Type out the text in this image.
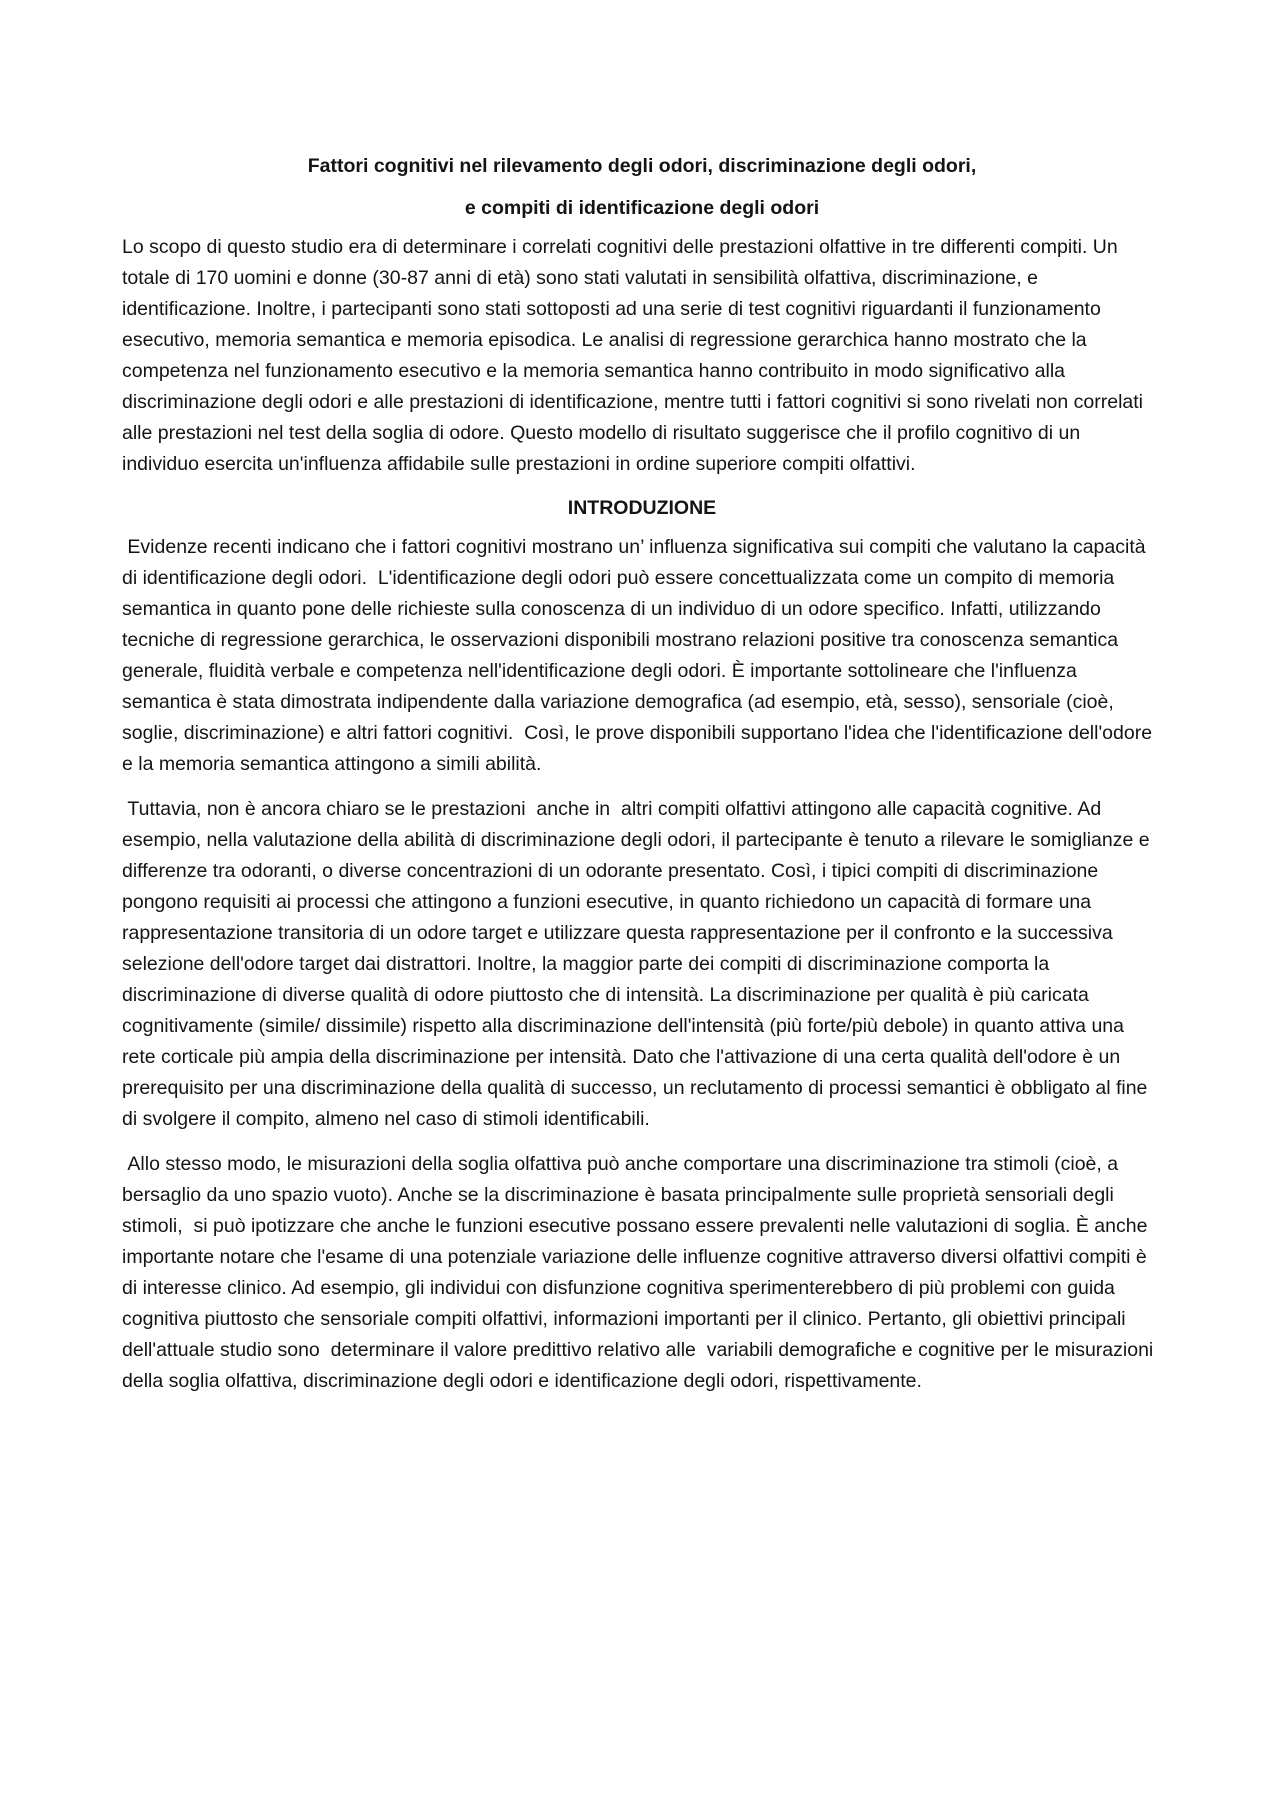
Fattori cognitivi nel rilevamento degli odori, discriminazione degli odori,
e compiti di identificazione degli odori

Lo scopo di questo studio era di determinare i correlati cognitivi delle prestazioni olfattive in tre differenti compiti. Un totale di 170 uomini e donne (30-87 anni di età) sono stati valutati in sensibilità olfattiva, discriminazione, e identificazione. Inoltre, i partecipanti sono stati sottoposti ad una serie di test cognitivi riguardanti il funzionamento esecutivo, memoria semantica e memoria episodica. Le analisi di regressione gerarchica hanno mostrato che la competenza nel funzionamento esecutivo e la memoria semantica hanno contribuito in modo significativo alla discriminazione degli odori e alle prestazioni di identificazione, mentre tutti i fattori cognitivi si sono rivelati non correlati alle prestazioni nel test della soglia di odore. Questo modello di risultato suggerisce che il profilo cognitivo di un individuo esercita un'influenza affidabile sulle prestazioni in ordine superiore compiti olfattivi.

INTRODUZIONE

Evidenze recenti indicano che i fattori cognitivi mostrano un’ influenza significativa sui compiti che valutano la capacità di identificazione degli odori.  L'identificazione degli odori può essere concettualizzata come un compito di memoria semantica in quanto pone delle richieste sulla conoscenza di un individuo di un odore specifico. Infatti, utilizzando tecniche di regressione gerarchica, le osservazioni disponibili mostrano relazioni positive tra conoscenza semantica generale, fluidità verbale e competenza nell'identificazione degli odori. È importante sottolineare che l'influenza semantica è stata dimostrata indipendente dalla variazione demografica (ad esempio, età, sesso), sensoriale (cioè, soglie, discriminazione) e altri fattori cognitivi.  Così, le prove disponibili supportano l'idea che l'identificazione dell'odore e la memoria semantica attingono a simili abilità.

Tuttavia, non è ancora chiaro se le prestazioni  anche in  altri compiti olfattivi attingono alle capacità cognitive. Ad esempio, nella valutazione della abilità di discriminazione degli odori, il partecipante è tenuto a rilevare le somiglianze e differenze tra odoranti, o diverse concentrazioni di un odorante presentato. Così, i tipici compiti di discriminazione pongono requisiti ai processi che attingono a funzioni esecutive, in quanto richiedono un capacità di formare una rappresentazione transitoria di un odore target e utilizzare questa rappresentazione per il confronto e la successiva selezione dell'odore target dai distrattori. Inoltre, la maggior parte dei compiti di discriminazione comporta la discriminazione di diverse qualità di odore piuttosto che di intensità. La discriminazione per qualità è più caricata cognitivamente (simile/ dissimile) rispetto alla discriminazione dell'intensità (più forte/più debole) in quanto attiva una rete corticale più ampia della discriminazione per intensità. Dato che l'attivazione di una certa qualità dell'odore è un prerequisito per una discriminazione della qualità di successo, un reclutamento di processi semantici è obbligato al fine di svolgere il compito, almeno nel caso di stimoli identificabili.

Allo stesso modo, le misurazioni della soglia olfattiva può anche comportare una discriminazione tra stimoli (cioè, a bersaglio da uno spazio vuoto). Anche se la discriminazione è basata principalmente sulle proprietà sensoriali degli stimoli,  si può ipotizzare che anche le funzioni esecutive possano essere prevalenti nelle valutazioni di soglia. È anche importante notare che l'esame di una potenziale variazione delle influenze cognitive attraverso diversi olfattivi compiti è di interesse clinico. Ad esempio, gli individui con disfunzione cognitiva sperimenterebbero di più problemi con guida cognitiva piuttosto che sensoriale compiti olfattivi, informazioni importanti per il clinico. Pertanto, gli obiettivi principali dell'attuale studio sono  determinare il valore predittivo relativo alle  variabili demografiche e cognitive per le misurazioni della soglia olfattiva, discriminazione degli odori e identificazione degli odori, rispettivamente.
